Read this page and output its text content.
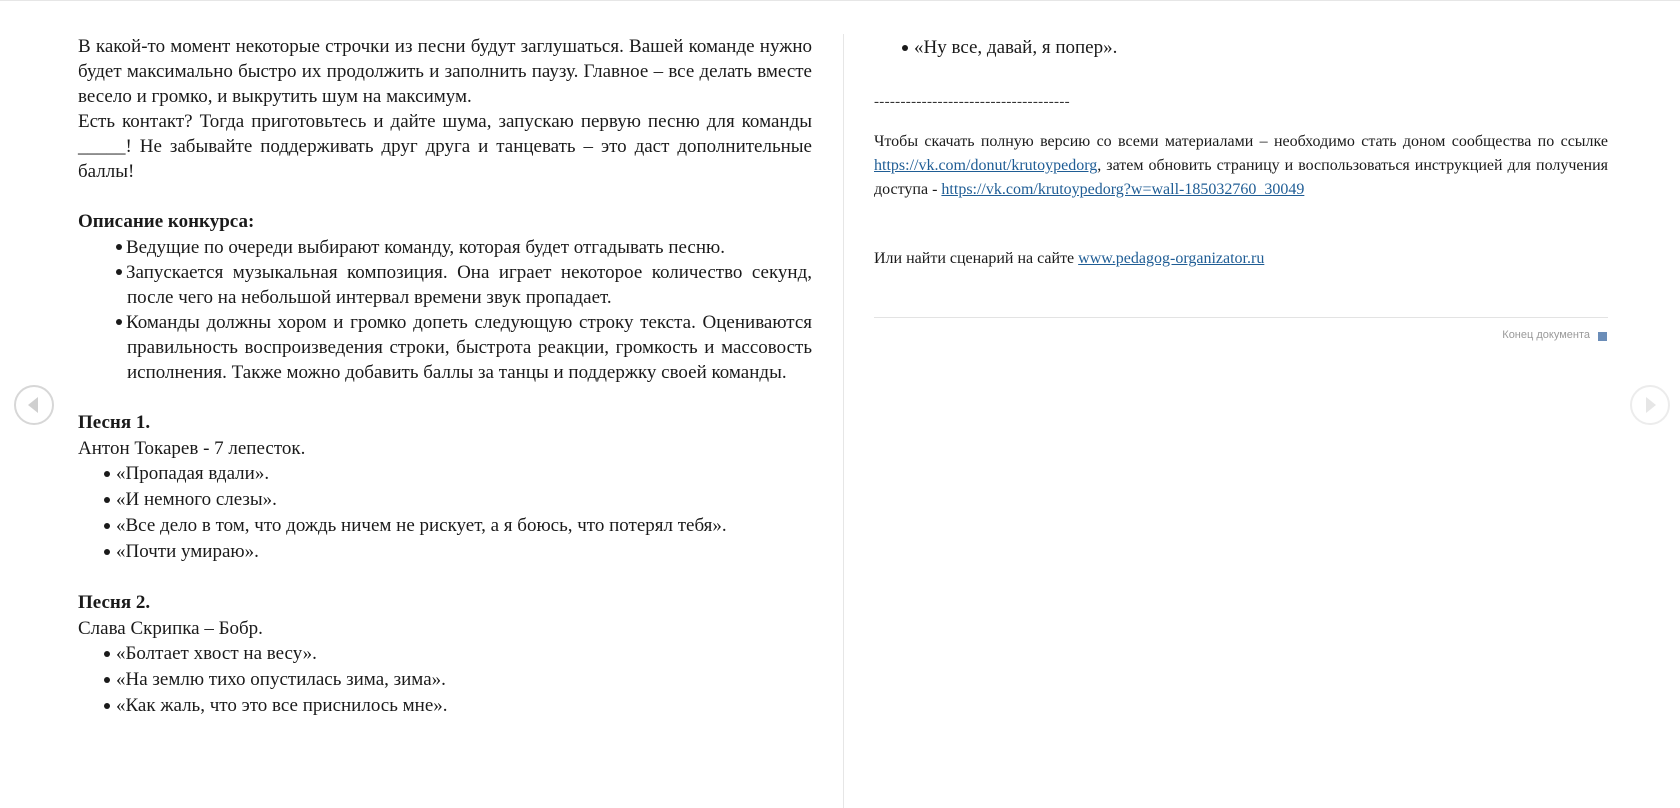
В какой-то момент некоторые строчки из песни будут заглушаться. Вашей команде нужно будет максимально быстро их продолжить и заполнить паузу. Главное – все делать вместе весело и громко, и выкрутить шум на максимум.

Есть контакт? Тогда приготовьтесь и дайте шума, запускаю первую песню для команды _____! Не забывайте поддерживать друг друга и танцевать – это даст дополнительные баллы!

Описание конкурса:
Ведущие по очереди выбирают команду, которая будет отгадывать песню.
Запускается музыкальная композиция. Она играет некоторое количество секунд, после чего на небольшой интервал времени звук пропадает.
Команды должны хором и громко допеть следующую строку текста. Оцениваются правильность воспроизведения строки, быстрота реакции, громкость и массовость исполнения. Также можно добавить баллы за танцы и поддержку своей команды.
Песня 1.

Антон Токарев - 7 лепесток.

«Пропадая вдали».
«И немного слезы».
«Все дело в том, что дождь ничем не рискует, а я боюсь, что потерял тебя».
«Почти умираю».
Песня 2.

Слава Скрипка – Бобр.

«Болтает хвост на весу».
«На землю тихо опустилась зима, зима».
«Как жаль, что это все приснилось мне».
«Ну все, давай, я попер».
-------------------------------------
Чтобы скачать полную версию со всеми материалами – необходимо стать доном сообщества по ссылке https://vk.com/donut/krutoypedorg, затем обновить страницу и воспользоваться инструкцией для получения доступа - https://vk.com/krutoypedorg?w=wall-185032760_30049
Или найти сценарий на сайте www.pedagog-organizator.ru
Конец документа
